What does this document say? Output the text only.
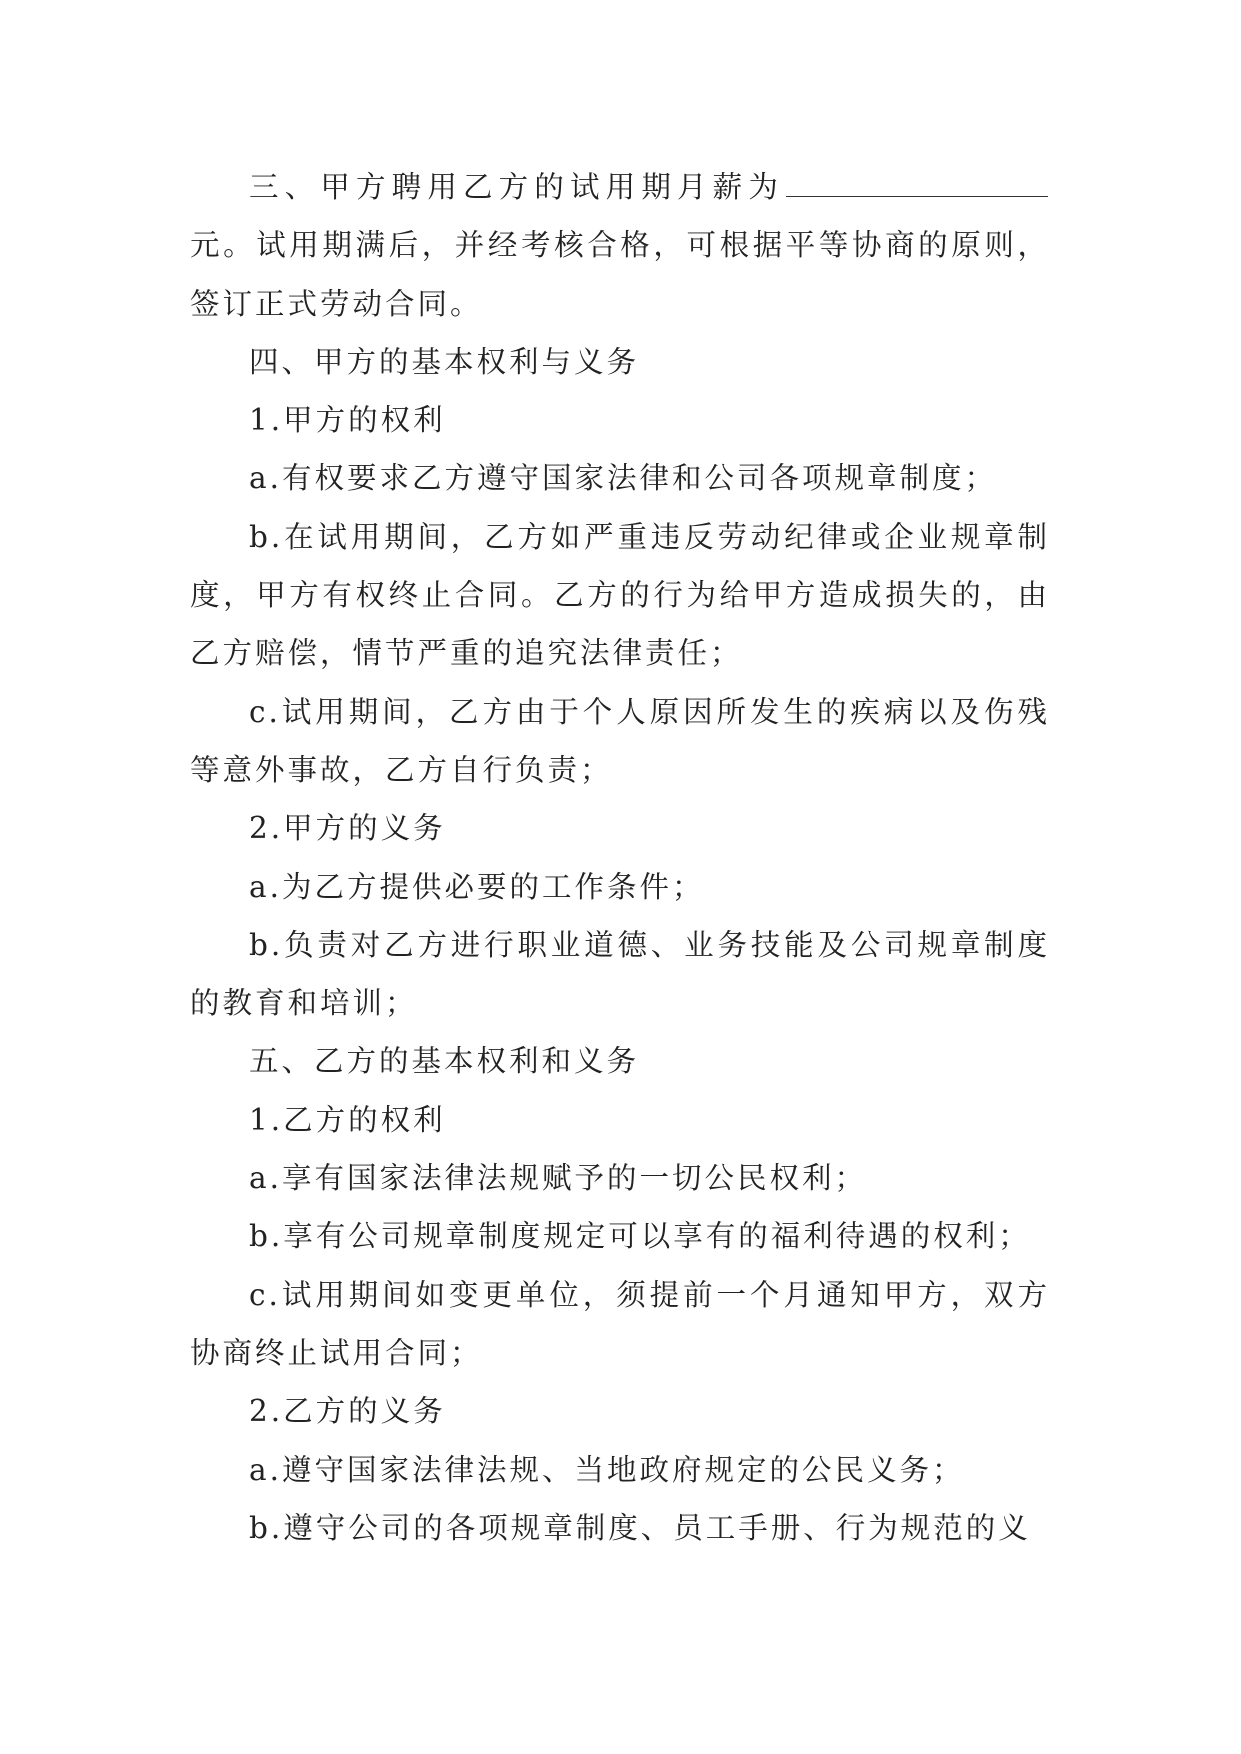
三、甲方聘用乙方的试用期月薪为元。试用期满后，并经考核合格，可根据平等协商的原则，签订正式劳动合同。

四、甲方的基本权利与义务

1.甲方的权利

a.有权要求乙方遵守国家法律和公司各项规章制度；

b.在试用期间，乙方如严重违反劳动纪律或企业规章制度，甲方有权终止合同。乙方的行为给甲方造成损失的，由乙方赔偿，情节严重的追究法律责任；

c.试用期间，乙方由于个人原因所发生的疾病以及伤残等意外事故，乙方自行负责；

2.甲方的义务

a.为乙方提供必要的工作条件；

b.负责对乙方进行职业道德、业务技能及公司规章制度的教育和培训；

五、乙方的基本权利和义务

1.乙方的权利

a.享有国家法律法规赋予的一切公民权利；

b.享有公司规章制度规定可以享有的福利待遇的权利；

c.试用期间如变更单位，须提前一个月通知甲方，双方协商终止试用合同；

2.乙方的义务

a.遵守国家法律法规、当地政府规定的公民义务；

b.遵守公司的各项规章制度、员工手册、行为规范的义
